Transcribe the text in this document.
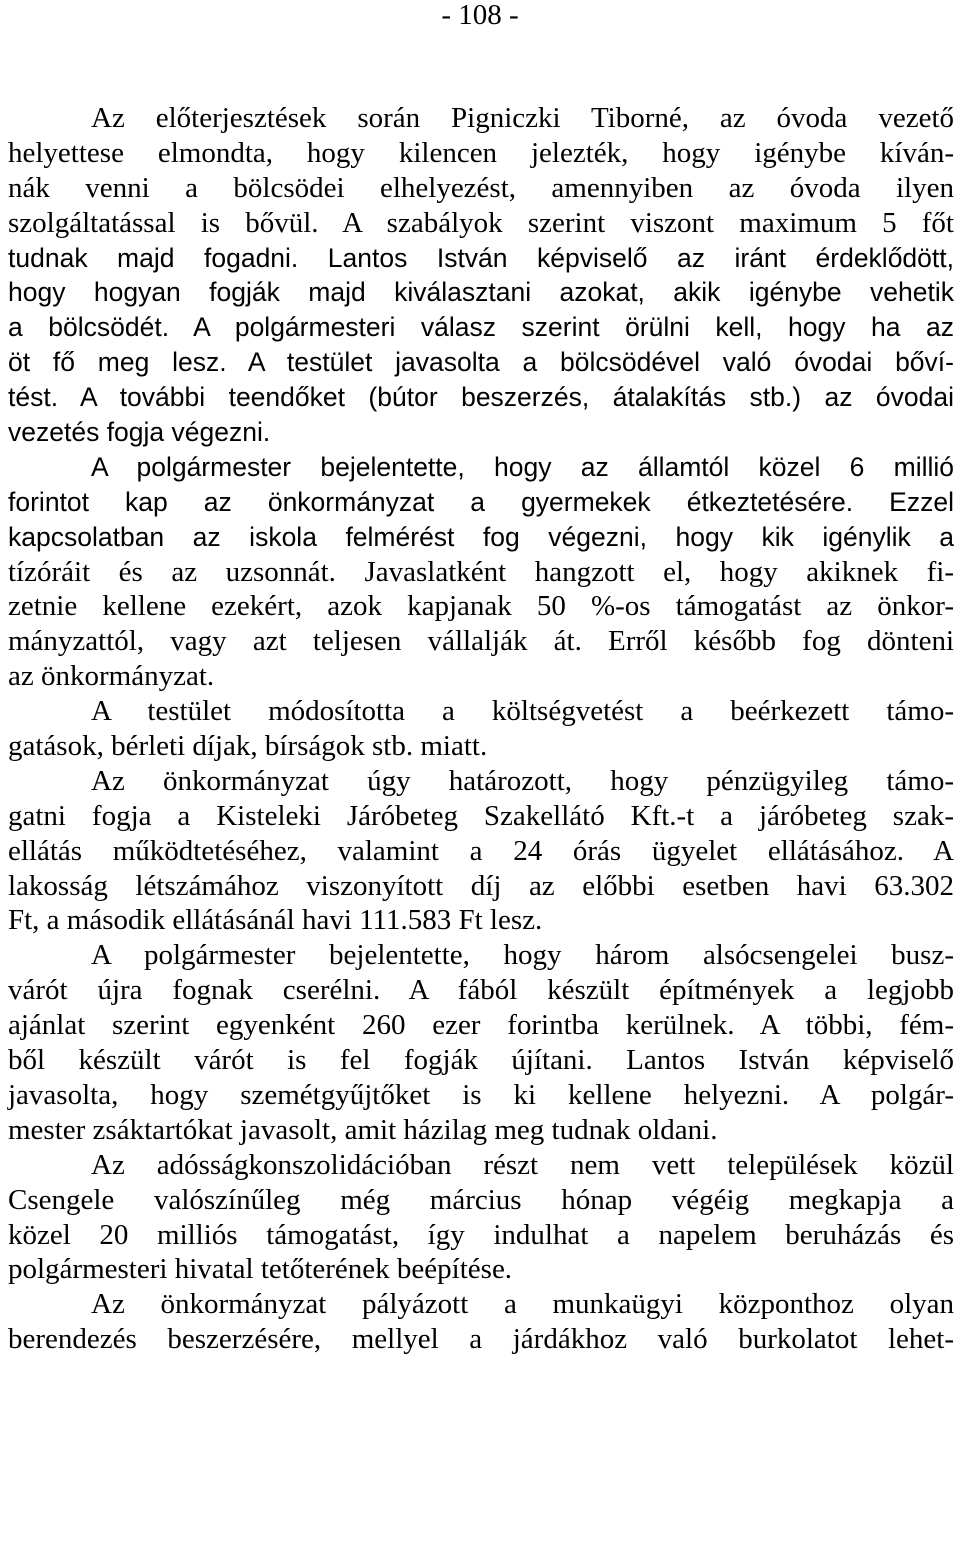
- 108 -
Az előterjesztések során Pigniczki Tiborné, az óvoda vezető
helyettese elmondta, hogy kilencen jelezték, hogy igénybe kíván-
nák venni a bölcsödei elhelyezést, amennyiben az óvoda ilyen
szolgáltatással is bővül. A szabályok szerint viszont maximum 5 főt
tudnak majd fogadni. Lantos István képviselő az iránt érdeklődött,
hogy hogyan fogják majd kiválasztani azokat, akik igénybe vehetik
a bölcsödét. A polgármesteri válasz szerint örülni kell, hogy ha az
öt fő meg lesz. A testület javasolta a bölcsödével való óvodai bőví-
tést. A további teendőket (bútor beszerzés, átalakítás stb.) az óvodai
vezetés fogja végezni.
A polgármester bejelentette, hogy az államtól közel 6 millió
forintot kap az önkormányzat a gyermekek étkeztetésére. Ezzel
kapcsolatban az iskola felmérést fog végezni, hogy kik igénylik a
tízóráit és az uzsonnát. Javaslatként hangzott el, hogy akiknek fi-
zetnie kellene ezekért, azok kapjanak 50 %-os támogatást az önkor-
mányzattól, vagy azt teljesen vállalják át. Erről később fog dönteni
az önkormányzat.
A testület módosította a költségvetést a beérkezett támo-
gatások, bérleti díjak, bírságok stb. miatt.
Az önkormányzat úgy határozott, hogy pénzügyileg támo-
gatni fogja a Kisteleki Járóbeteg Szakellátó Kft.-t a járóbeteg szak-
ellátás működtetéséhez, valamint a 24 órás ügyelet ellátásához. A
lakosság létszámához viszonyított díj az előbbi esetben havi 63.302
Ft, a második ellátásánál havi 111.583 Ft lesz.
A polgármester bejelentette, hogy három alsócsengelei busz-
várót újra fognak cserélni. A fából készült építmények a legjobb
ajánlat szerint egyenként 260 ezer forintba kerülnek. A többi, fém-
ből készült várót is fel fogják újítani. Lantos István képviselő
javasolta, hogy szemétgyűjtőket is ki kellene helyezni. A polgár-
mester zsáktartókat javasolt, amit házilag meg tudnak oldani.
Az adósságkonszolidációban részt nem vett települések közül
Csengele valószínűleg még március hónap végéig megkapja a
közel 20 milliós támogatást, így indulhat a napelem beruházás és
polgármesteri hivatal tetőterének beépítése.
Az önkormányzat pályázott a munkaügyi központhoz olyan
berendezés beszerzésére, mellyel a járdákhoz való burkolatot lehet-
